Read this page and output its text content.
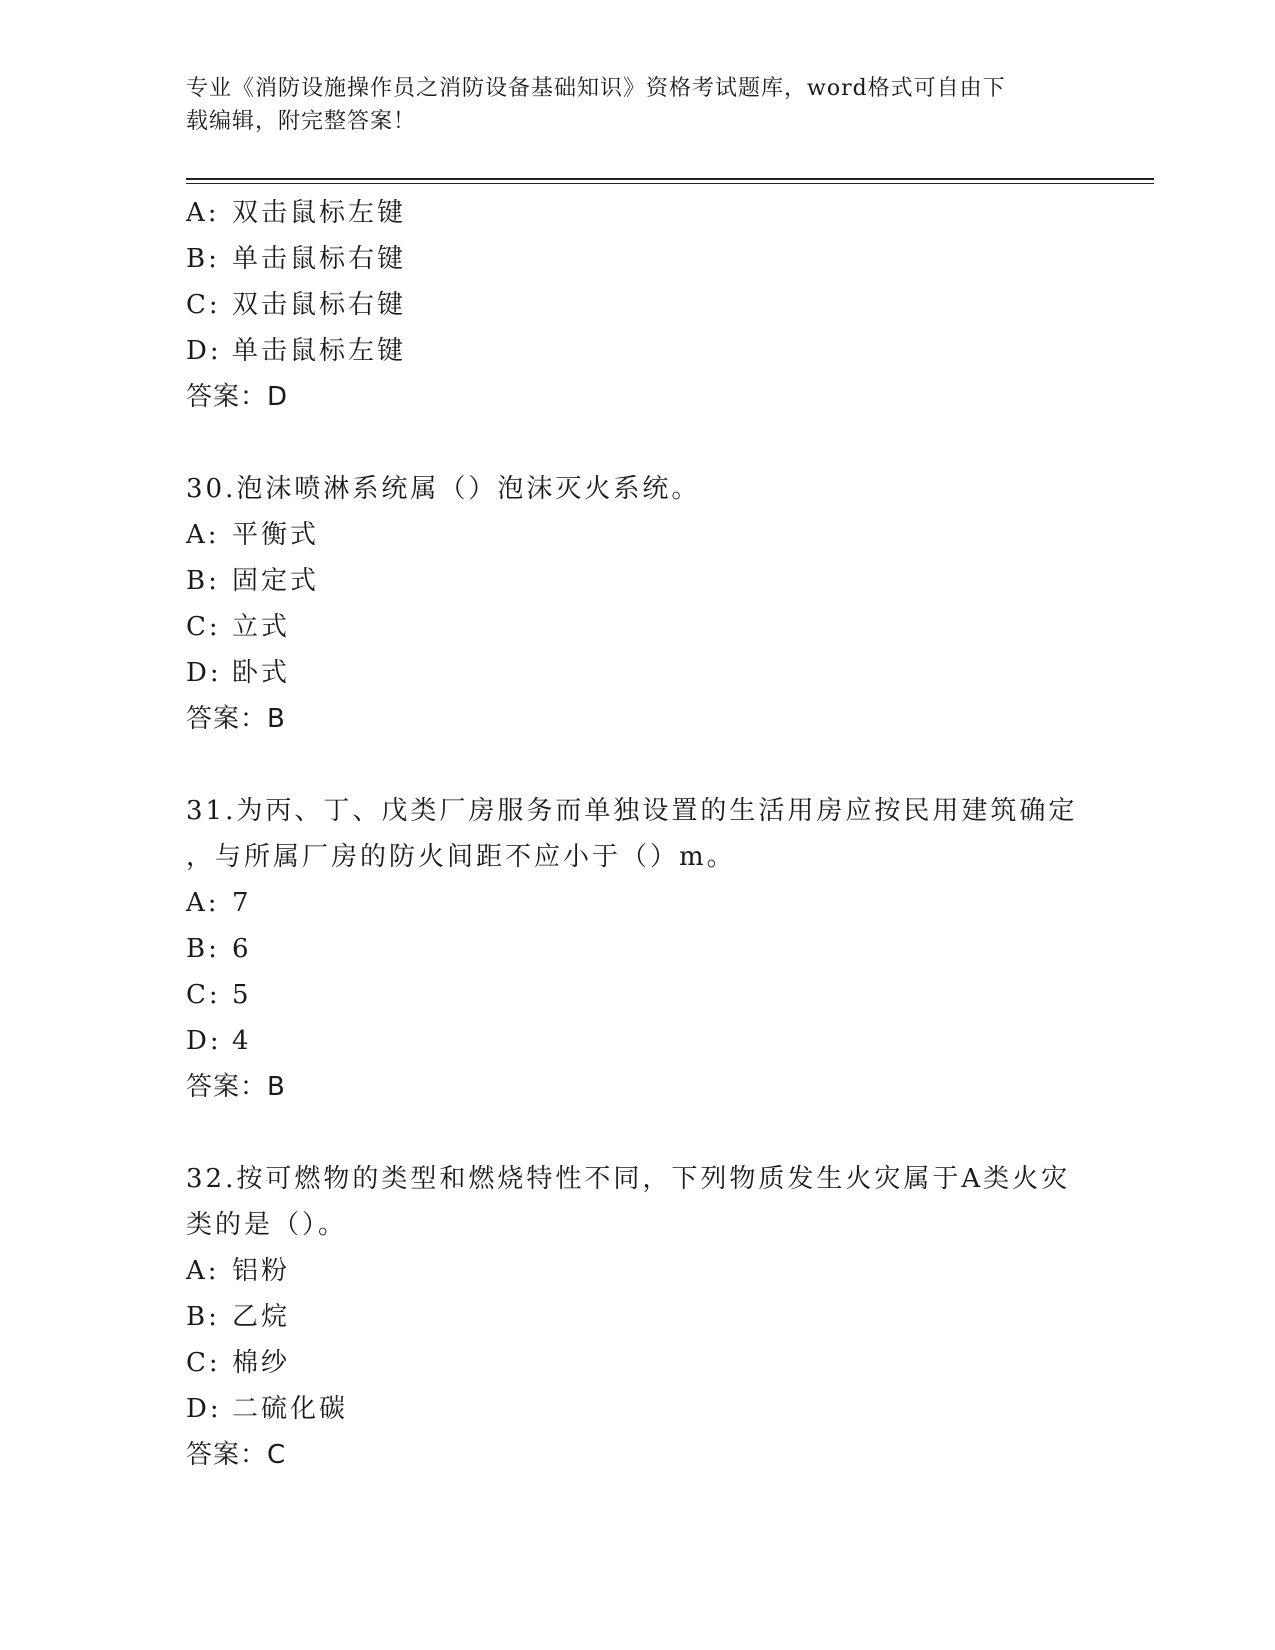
专业《消防设施操作员之消防设备基础知识》资格考试题库，word格式可自由下
载编辑，附完整答案！
A: 双击鼠标左键
B: 单击鼠标右键
C: 双击鼠标右键
D: 单击鼠标左键
答案：D
30.泡沫喷淋系统属（）泡沫灭火系统。
A: 平衡式
B: 固定式
C: 立式
D: 卧式
答案：B
31.为丙、丁、戊类厂房服务而单独设置的生活用房应按民用建筑确定
，与所属厂房的防火间距不应小于（）m。
A: 7
B: 6
C: 5
D: 4
答案：B
32.按可燃物的类型和燃烧特性不同，下列物质发生火灾属于A类火灾
类的是（）。
A: 铝粉
B: 乙烷
C: 棉纱
D: 二硫化碳
答案：C
